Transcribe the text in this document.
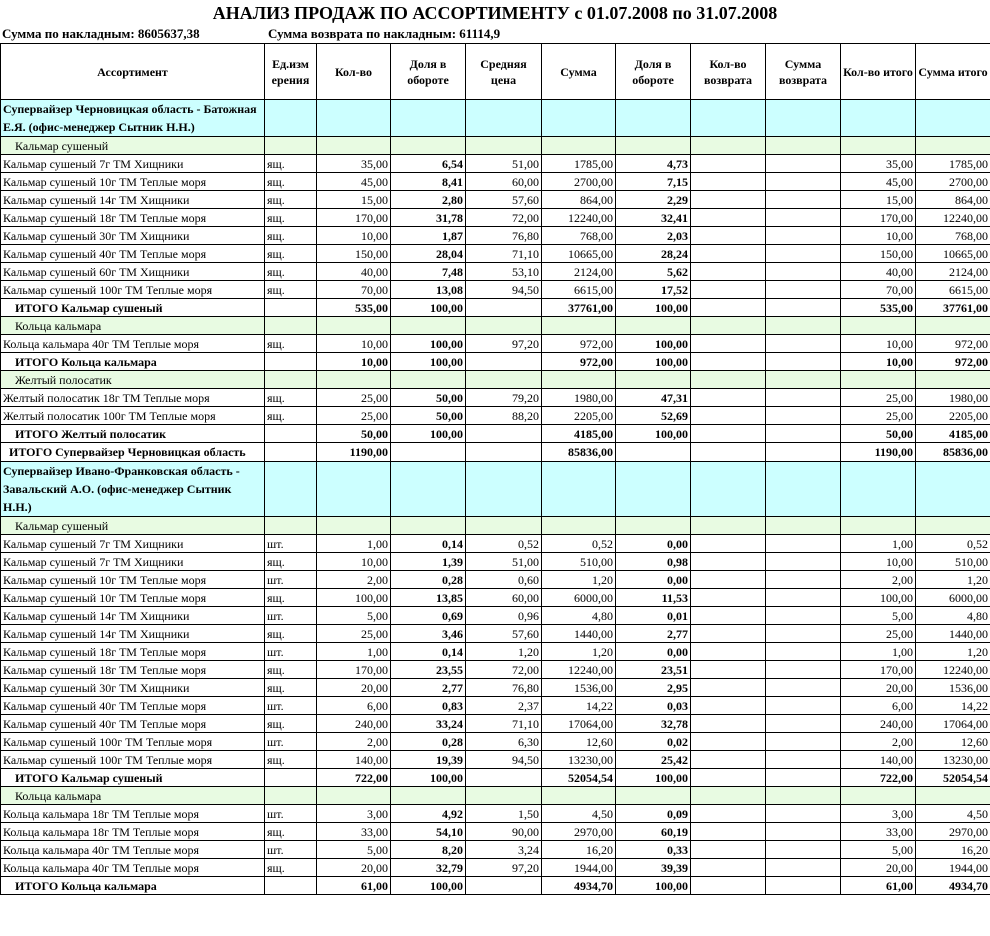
АНАЛИЗ ПРОДАЖ ПО АССОРТИМЕНТУ с 01.07.2008 по 31.07.2008
Сумма по накладным: 8605637,38	Сумма возврата по накладным: 61114,9
Ассортимент	Ед.изм ерения	Кол-во	Доля в обороте	Средняя цена	Сумма	Доля в обороте	Кол-во возврата	Сумма возврата	Кол-во итого	Сумма итого
Супервайзер Черновицкая область - Батожная Е.Я. (офис-менеджер Сытник Н.Н.)										
Кальмар сушеный										
Кальмар сушеный 7г ТМ Хищники	ящ.	35,00	6,54	51,00	1785,00	4,73			35,00	1785,00
Кальмар сушеный 10г ТМ Теплые моря	ящ.	45,00	8,41	60,00	2700,00	7,15			45,00	2700,00
Кальмар сушеный 14г ТМ Хищники	ящ.	15,00	2,80	57,60	864,00	2,29			15,00	864,00
Кальмар сушеный 18г ТМ Теплые моря	ящ.	170,00	31,78	72,00	12240,00	32,41			170,00	12240,00
Кальмар сушеный 30г ТМ Хищники	ящ.	10,00	1,87	76,80	768,00	2,03			10,00	768,00
Кальмар сушеный 40г ТМ Теплые моря	ящ.	150,00	28,04	71,10	10665,00	28,24			150,00	10665,00
Кальмар сушеный 60г ТМ Хищники	ящ.	40,00	7,48	53,10	2124,00	5,62			40,00	2124,00
Кальмар сушеный 100г ТМ Теплые моря	ящ.	70,00	13,08	94,50	6615,00	17,52			70,00	6615,00
ИТОГО Кальмар сушеный		535,00	100,00		37761,00	100,00			535,00	37761,00
Кольца кальмара										
Кольца кальмара 40г ТМ Теплые моря	ящ.	10,00	100,00	97,20	972,00	100,00			10,00	972,00
ИТОГО Кольца кальмара		10,00	100,00		972,00	100,00			10,00	972,00
Желтый полосатик										
Желтый полосатик 18г ТМ Теплые моря	ящ.	25,00	50,00	79,20	1980,00	47,31			25,00	1980,00
Желтый полосатик 100г ТМ Теплые моря	ящ.	25,00	50,00	88,20	2205,00	52,69			25,00	2205,00
ИТОГО Желтый полосатик		50,00	100,00		4185,00	100,00			50,00	4185,00
ИТОГО Супервайзер Черновицкая область		1190,00			85836,00				1190,00	85836,00
Супервайзер Ивано-Франковская область - Завальский А.О. (офис-менеджер Сытник Н.Н.)										
Кальмар сушеный										
Кальмар сушеный 7г ТМ Хищники	шт.	1,00	0,14	0,52	0,52	0,00			1,00	0,52
Кальмар сушеный 7г ТМ Хищники	ящ.	10,00	1,39	51,00	510,00	0,98			10,00	510,00
Кальмар сушеный 10г ТМ Теплые моря	шт.	2,00	0,28	0,60	1,20	0,00			2,00	1,20
Кальмар сушеный 10г ТМ Теплые моря	ящ.	100,00	13,85	60,00	6000,00	11,53			100,00	6000,00
Кальмар сушеный 14г ТМ Хищники	шт.	5,00	0,69	0,96	4,80	0,01			5,00	4,80
Кальмар сушеный 14г ТМ Хищники	ящ.	25,00	3,46	57,60	1440,00	2,77			25,00	1440,00
Кальмар сушеный 18г ТМ Теплые моря	шт.	1,00	0,14	1,20	1,20	0,00			1,00	1,20
Кальмар сушеный 18г ТМ Теплые моря	ящ.	170,00	23,55	72,00	12240,00	23,51			170,00	12240,00
Кальмар сушеный 30г ТМ Хищники	ящ.	20,00	2,77	76,80	1536,00	2,95			20,00	1536,00
Кальмар сушеный 40г ТМ Теплые моря	шт.	6,00	0,83	2,37	14,22	0,03			6,00	14,22
Кальмар сушеный 40г ТМ Теплые моря	ящ.	240,00	33,24	71,10	17064,00	32,78			240,00	17064,00
Кальмар сушеный 100г ТМ Теплые моря	шт.	2,00	0,28	6,30	12,60	0,02			2,00	12,60
Кальмар сушеный 100г ТМ Теплые моря	ящ.	140,00	19,39	94,50	13230,00	25,42			140,00	13230,00
ИТОГО Кальмар сушеный		722,00	100,00		52054,54	100,00			722,00	52054,54
Кольца кальмара										
Кольца кальмара 18г ТМ Теплые моря	шт.	3,00	4,92	1,50	4,50	0,09			3,00	4,50
Кольца кальмара 18г ТМ Теплые моря	ящ.	33,00	54,10	90,00	2970,00	60,19			33,00	2970,00
Кольца кальмара 40г ТМ Теплые моря	шт.	5,00	8,20	3,24	16,20	0,33			5,00	16,20
Кольца кальмара 40г ТМ Теплые моря	ящ.	20,00	32,79	97,20	1944,00	39,39			20,00	1944,00
ИТОГО Кольца кальмара		61,00	100,00		4934,70	100,00			61,00	4934,70
